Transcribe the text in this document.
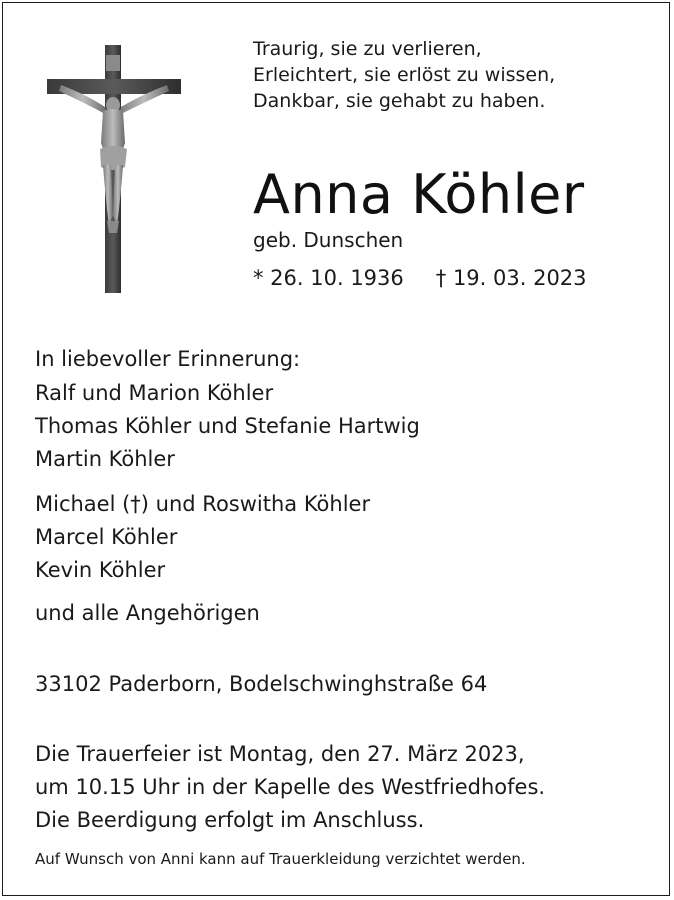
Traurig, sie zu verlieren,
Erleichtert, sie erlöst zu wissen,
Dankbar, sie gehabt zu haben.
Anna Köhler
geb. Dunschen
* 26. 10. 1936 † 19. 03. 2023
In liebevoller Erinnerung:
Ralf und Marion Köhler
Thomas Köhler und Stefanie Hartwig
Martin Köhler
Michael (†) und Roswitha Köhler
Marcel Köhler
Kevin Köhler
und alle Angehörigen
33102 Paderborn, Bodelschwinghstraße 64
Die Trauerfeier ist Montag, den 27. März 2023,
um 10.15 Uhr in der Kapelle des Westfriedhofes.
Die Beerdigung erfolgt im Anschluss.
Auf Wunsch von Anni kann auf Trauerkleidung verzichtet werden.
